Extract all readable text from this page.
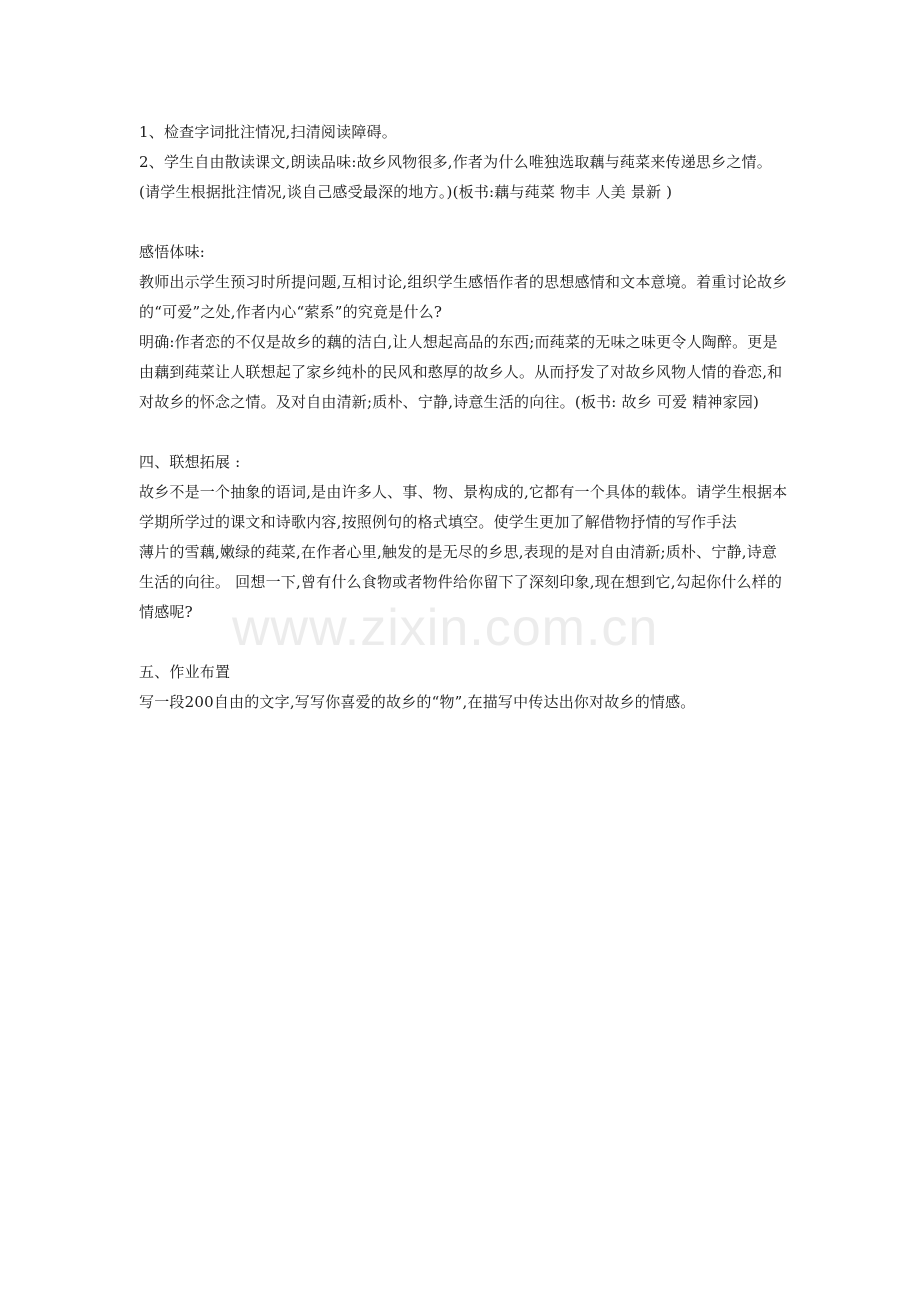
www.zixin.com.cn

1、检查字词批注情况,扫清阅读障碍。

2、学生自由散读课文,朗读品味:故乡风物很多,作者为什么唯独选取藕与莼菜来传递思乡之情。(请学生根据批注情况,谈自己感受最深的地方。)(板书:藕与莼菜 物丰 人美 景新 )

感悟体味:

教师出示学生预习时所提问题,互相讨论,组织学生感悟作者的思想感情和文本意境。着重讨论故乡的“可爱”之处,作者内心“萦系”的究竟是什么?

明确:作者恋的不仅是故乡的藕的洁白,让人想起高品的东西;而莼菜的无味之味更令人陶醉。更是由藕到莼菜让人联想起了家乡纯朴的民风和憨厚的故乡人。从而抒发了对故乡风物人情的眷恋,和对故乡的怀念之情。及对自由清新;质朴、宁静,诗意生活的向往。(板书: 故乡 可爱 精神家园)

四、联想拓展 :

故乡不是一个抽象的语词,是由许多人、事、物、景构成的,它都有一个具体的载体。请学生根据本学期所学过的课文和诗歌内容,按照例句的格式填空。使学生更加了解借物抒情的写作手法

薄片的雪藕,嫩绿的莼菜,在作者心里,触发的是无尽的乡思,表现的是对自由清新;质朴、宁静,诗意生活的向往。 回想一下,曾有什么食物或者物件给你留下了深刻印象,现在想到它,勾起你什么样的情感呢?

五、作业布置

写一段200自由的文字,写写你喜爱的故乡的“物”,在描写中传达出你对故乡的情感。
